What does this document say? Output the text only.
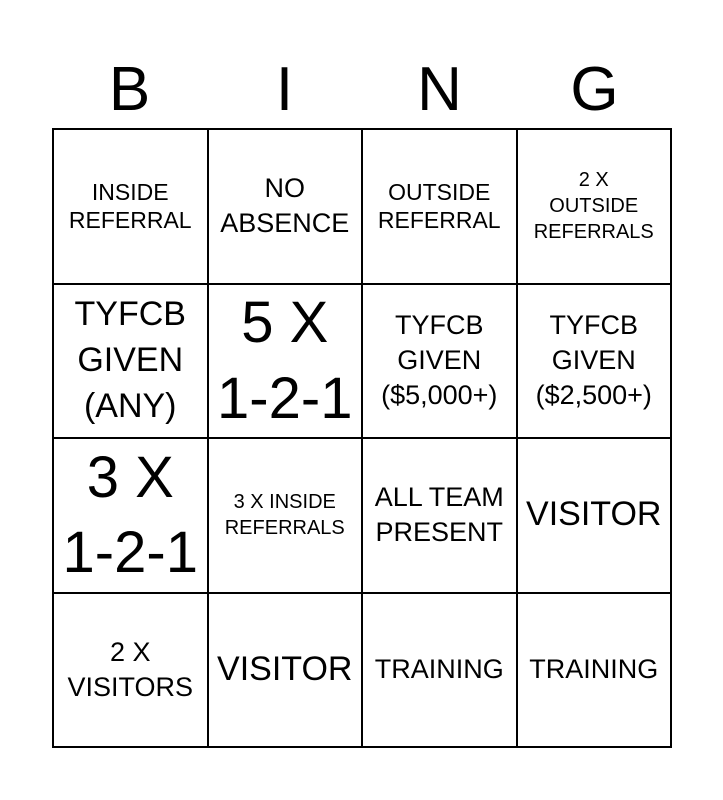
B	I	N	G
INSIDE
REFERRAL
NO
ABSENCE
OUTSIDE
REFERRAL
2 X
OUTSIDE
REFERRALS
TYFCB
GIVEN
(ANY)
5 X
1-2-1
TYFCB
GIVEN
($5,000+)
TYFCB
GIVEN
($2,500+)
3 X
1-2-1
3 X INSIDE
REFERRALS
ALL TEAM
PRESENT VISITOR
2 X
VISITORS VISITOR TRAINING TRAINING
